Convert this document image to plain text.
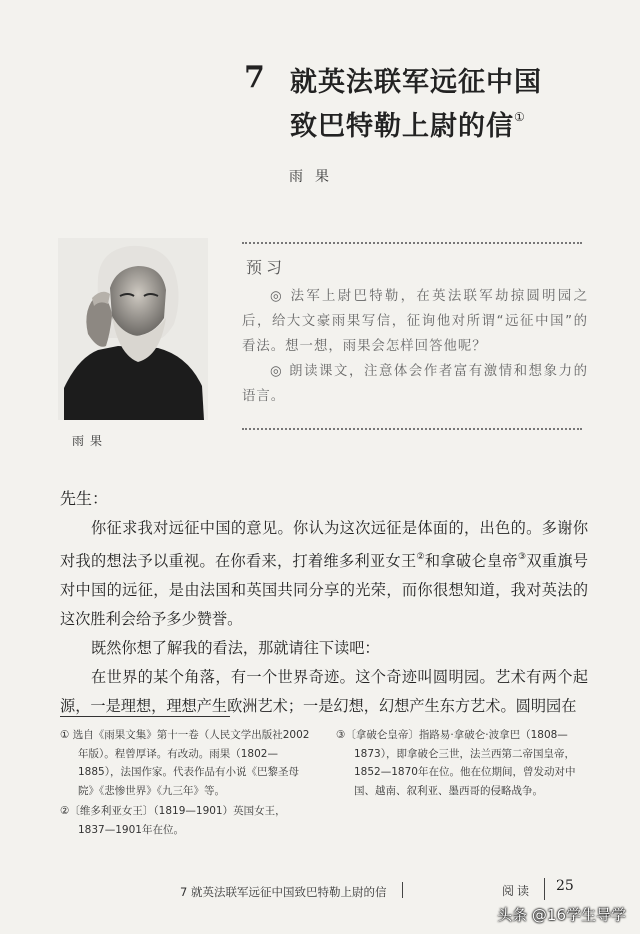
7 就英法联军远征中国
致巴特勒上尉的信①
雨果
雨果
预习

◎ 法军上尉巴特勒，在英法联军劫掠圆明园之后，给大文豪雨果写信，征询他对所谓“远征中国”的看法。想一想，雨果会怎样回答他呢？

◎ 朗读课文，注意体会作者富有激情和想象力的语言。

先生：

你征求我对远征中国的意见。你认为这次远征是体面的，出色的。多谢你对我的想法予以重视。在你看来，打着维多利亚女王②和拿破仑皇帝③双重旗号对中国的远征，是由法国和英国共同分享的光荣，而你很想知道，我对英法的这次胜利会给予多少赞誉。

既然你想了解我的看法，那就请往下读吧：

在世界的某个角落，有一个世界奇迹。这个奇迹叫圆明园。艺术有两个起源，一是理想，理想产生欧洲艺术；一是幻想，幻想产生东方艺术。圆明园在

① 选自《雨果文集》第十一卷（人民文学出版社2002年版）。程曾厚译。有改动。雨果（1802—1885），法国作家。代表作品有小说《巴黎圣母院》《悲惨世界》《九三年》等。

②〔维多利亚女王〕（1819—1901）英国女王，1837—1901年在位。

③〔拿破仑皇帝〕指路易·拿破仑·波拿巴（1808—1873），即拿破仑三世，法兰西第二帝国皇帝，1852—1870年在位。他在位期间，曾发动对中国、越南、叙利亚、墨西哥的侵略战争。

7 就英法联军远征中国致巴特勒上尉的信	阅读 25
头条 @16学生导学
